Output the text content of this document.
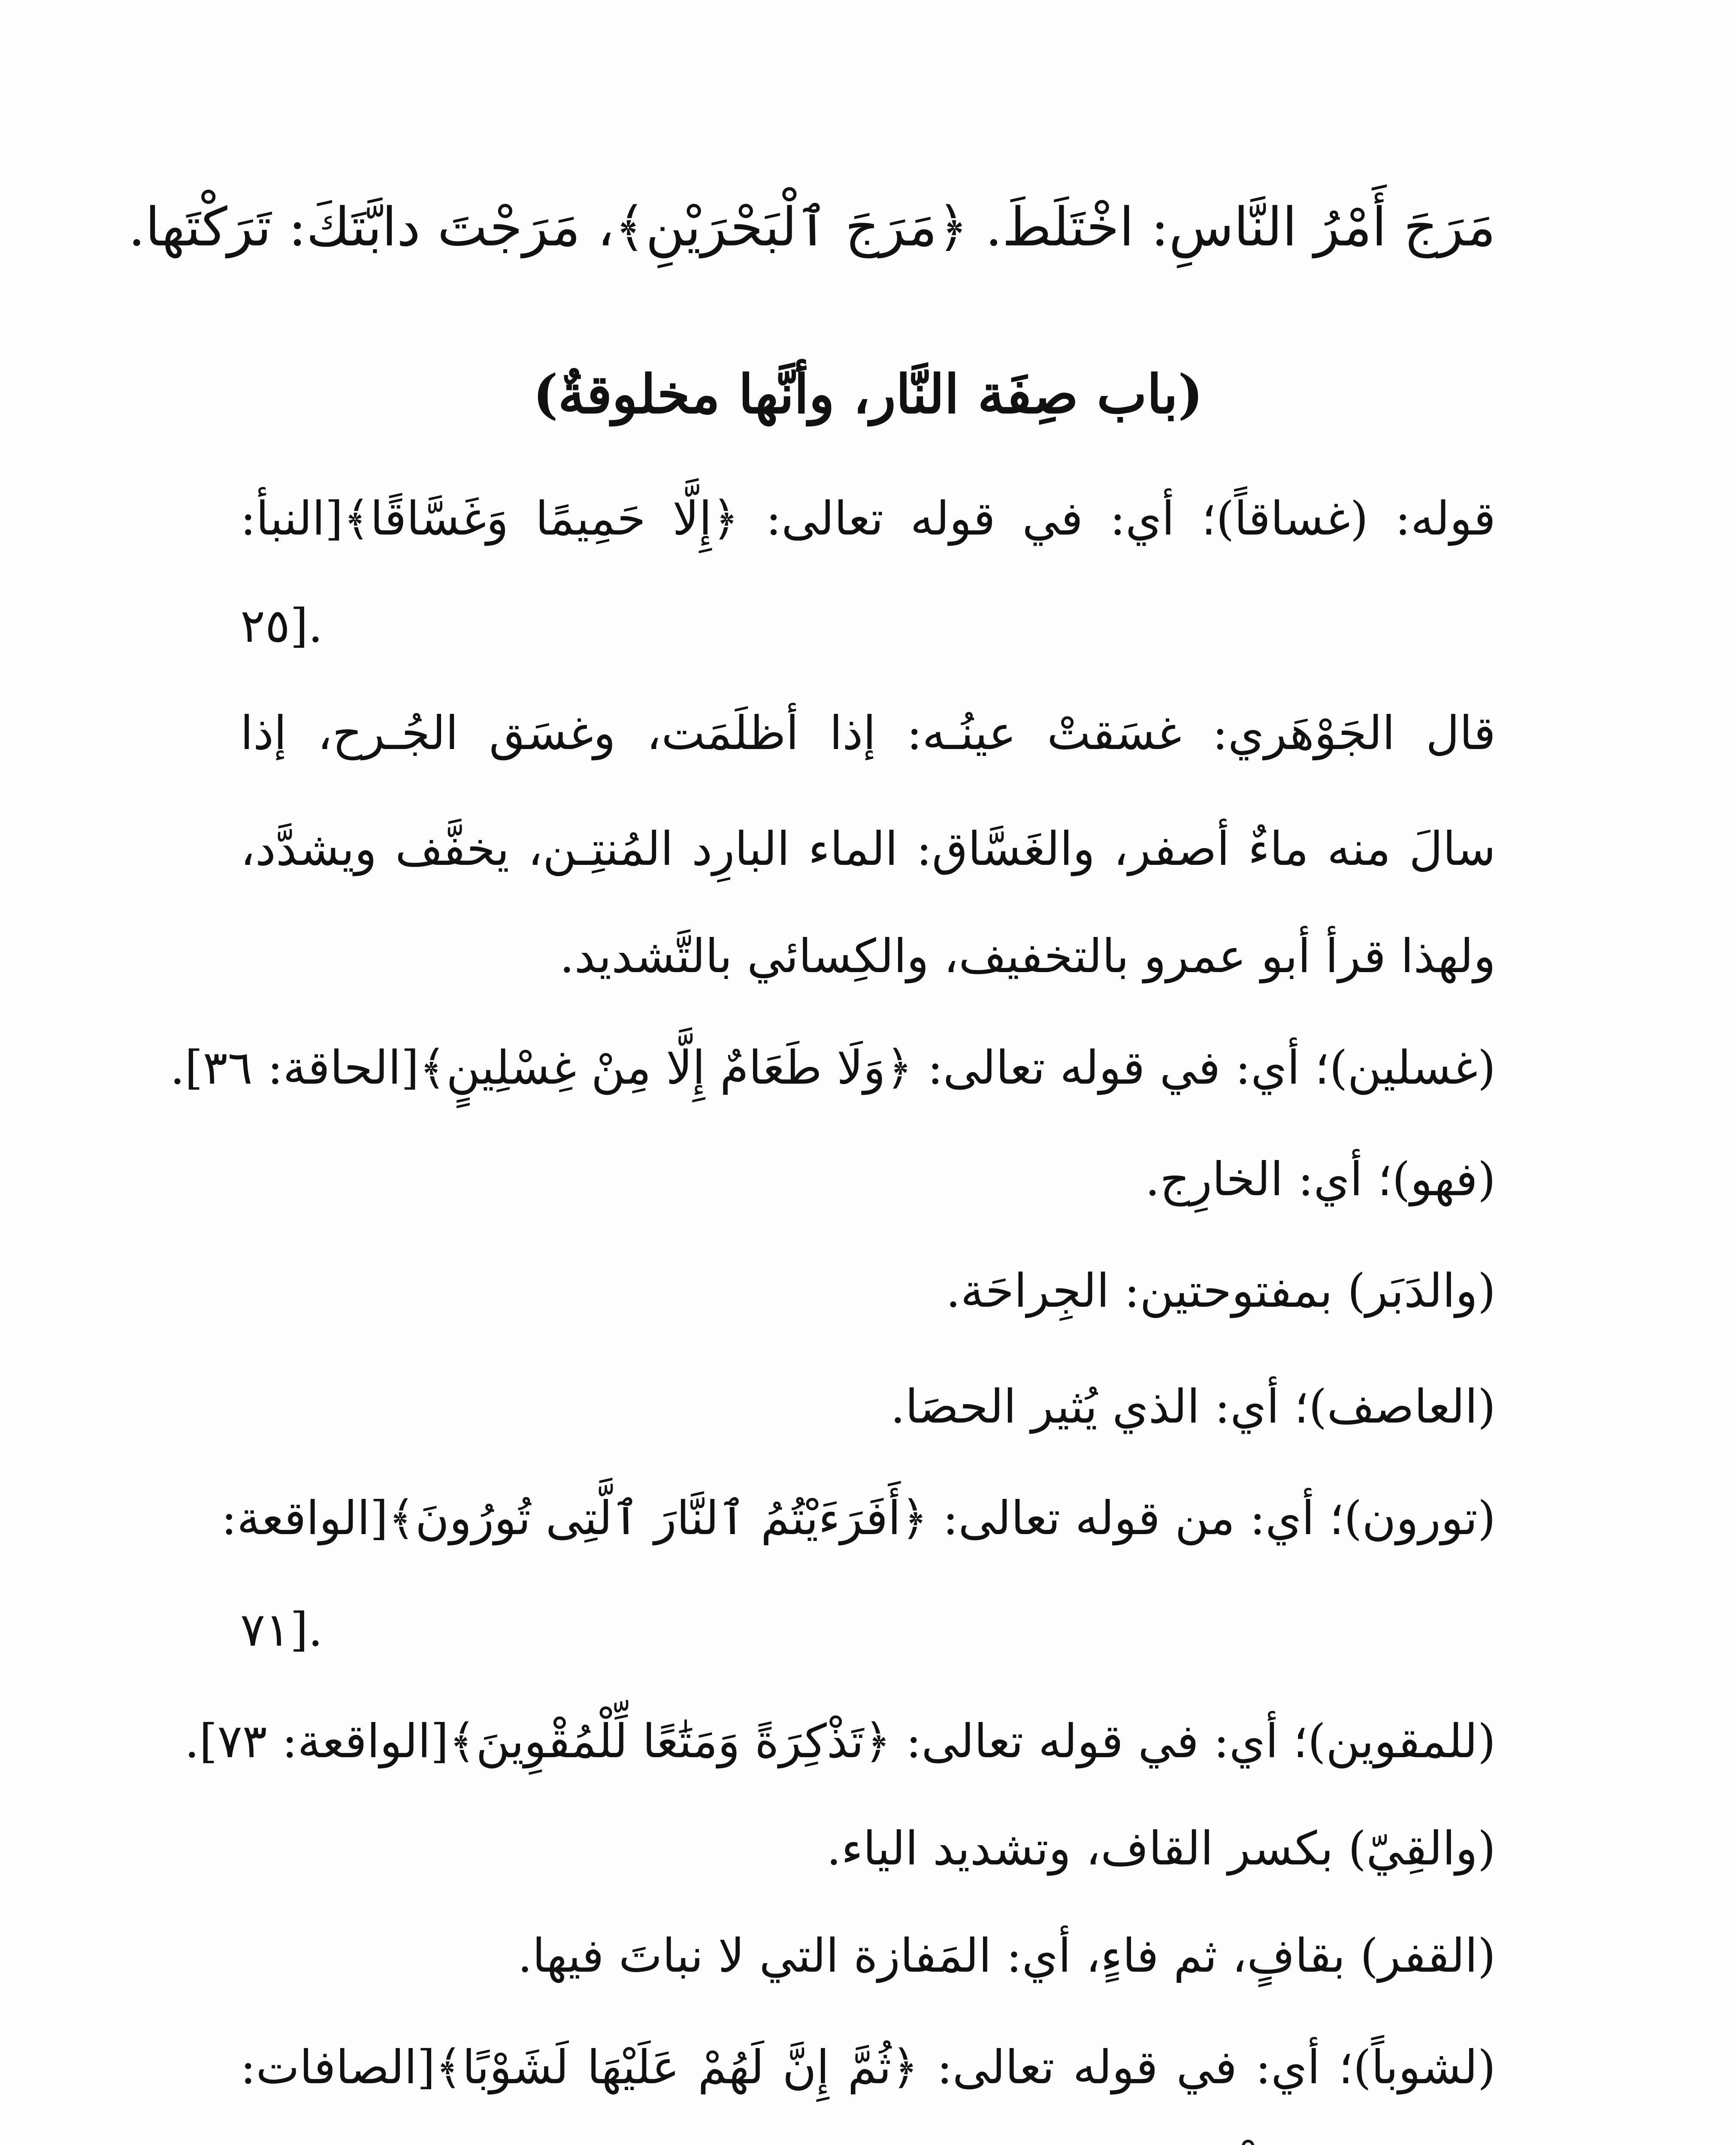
مَرَجَ أَمْرُ النَّاسِ: اخْتَلَطَ. ﴿مَرَجَ ٱلْبَحْرَيْنِ﴾، مَرَجْتَ دابَّتَكَ: تَرَكْتَها.
(باب صِفَة النَّار، وأنَّها مخلوقةٌ)
قوله: (غساقاً)؛ أي: في قوله تعالى: ﴿إِلَّا حَمِيمًا وَغَسَّاقًا﴾[النبأ:
٢٥].
قال الجَوْهَري: غسَقتْ عينُـه: إذا أظلَمَت، وغسَق الجُـرح، إذا
سالَ منه ماءٌ أصفر، والغَسَّاق: الماء البارِد المُنتِـن، يخفَّف ويشدَّد،
ولهذا قرأ أبو عمرو بالتخفيف، والكِسائي بالتَّشديد.
(غسلين)؛ أي: في قوله تعالى: ﴿وَلَا طَعَامٌ إِلَّا مِنْ غِسْلِينٍ﴾[الحاقة: ٣٦].
(فهو)؛ أي: الخارِج.
(والدَبَر) بمفتوحتين: الجِراحَة.
(العاصف)؛ أي: الذي يُثير الحصَا.
(تورون)؛ أي: من قوله تعالى: ﴿أَفَرَءَيْتُمُ ٱلنَّارَ ٱلَّتِى تُورُونَ﴾[الواقعة:
٧١].
(للمقوين)؛ أي: في قوله تعالى: ﴿تَذْكِرَةً وَمَتَٰعًا لِّلْمُقْوِينَ﴾[الواقعة: ٧٣].
(والقِيّ) بكسر القاف، وتشديد الياء.
(القفر) بقافٍ، ثم فاءٍ، أي: المَفازة التي لا نباتَ فيها.
(لشوباً)؛ أي: في قوله تعالى: ﴿ثُمَّ إِنَّ لَهُمْ عَلَيْهَا لَشَوْبًا﴾[الصافات:
